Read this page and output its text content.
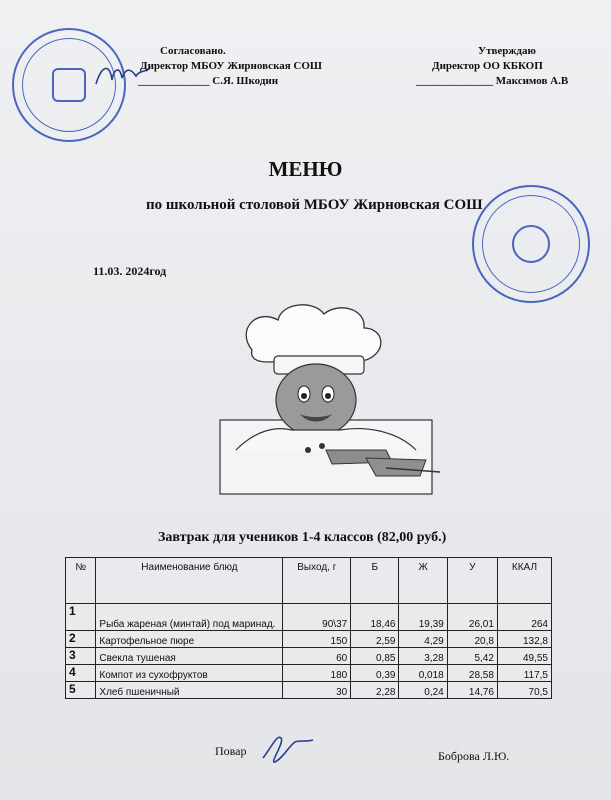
Согласовано.
Директор МБОУ Жирновская СОШ
_____________ С.Я. Шкодин
Утверждаю
Директор ОО КБКОП
______________ Максимов А.В
МЕНЮ
по школьной столовой МБОУ Жирновская СОШ
11.03. 2024год
Завтрак для учеников 1-4 классов (82,00 руб.)
№	Наименование блюд	Выход, г	Б	Ж	У	ККАЛ
1	Рыба жареная (минтай) под маринад.	90\37	18,46	19,39	26,01	264
2	Картофельное пюре	150	2,59	4,29	20,8	132,8
3	Свекла тушеная	60	0,85	3,28	5,42	49,55
4	Компот из сухофруктов	180	0,39	0,018	28,58	117,5
5	Хлеб пшеничный	30	2,28	0,24	14,76	70,5
Повар	Боброва Л.Ю.
